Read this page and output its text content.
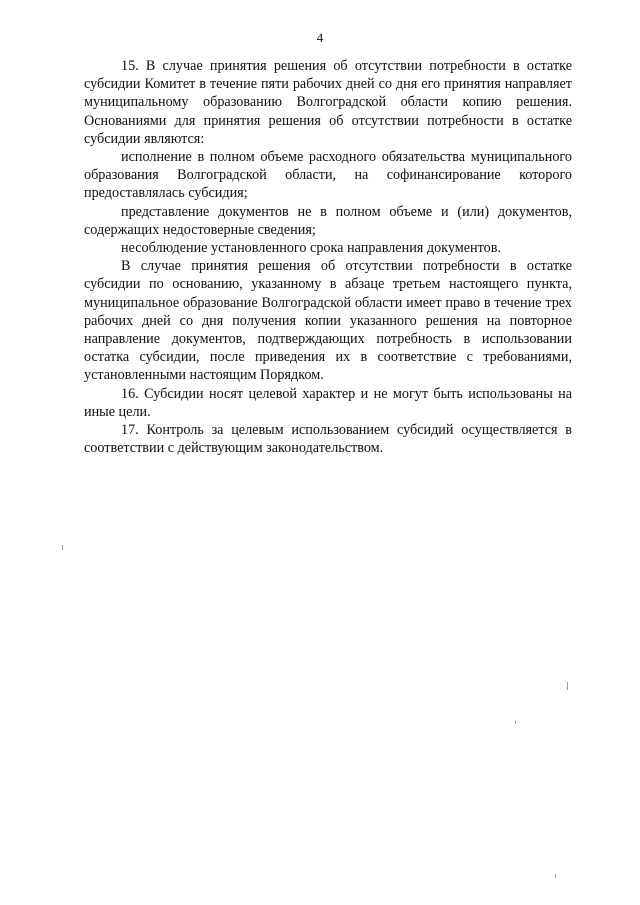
4

15. В случае принятия решения об отсутствии потребности в остатке субсидии Комитет в течение пяти рабочих дней со дня его принятия направляет муниципальному образованию Волгоградской области копию решения. Основаниями для принятия решения об отсутствии потребности в остатке субсидии являются:

исполнение в полном объеме расходного обязательства муниципального образования Волгоградской области, на софинансирование которого предоставлялась субсидия;

представление документов не в полном объеме и (или) документов, содержащих недостоверные сведения;

несоблюдение установленного срока направления документов.

В случае принятия решения об отсутствии потребности в остатке субсидии по основанию, указанному в абзаце третьем настоящего пункта, муниципальное образование Волгоградской области имеет право в течение трех рабочих дней со дня получения копии указанного решения на повторное направление документов, подтверждающих потребность в использовании остатка субсидии, после приведения их в соответствие с требованиями, установленными настоящим Порядком.

16. Субсидии носят целевой характер и не могут быть использованы на иные цели.

17. Контроль за целевым использованием субсидий осуществляется в соответствии с действующим законодательством.
